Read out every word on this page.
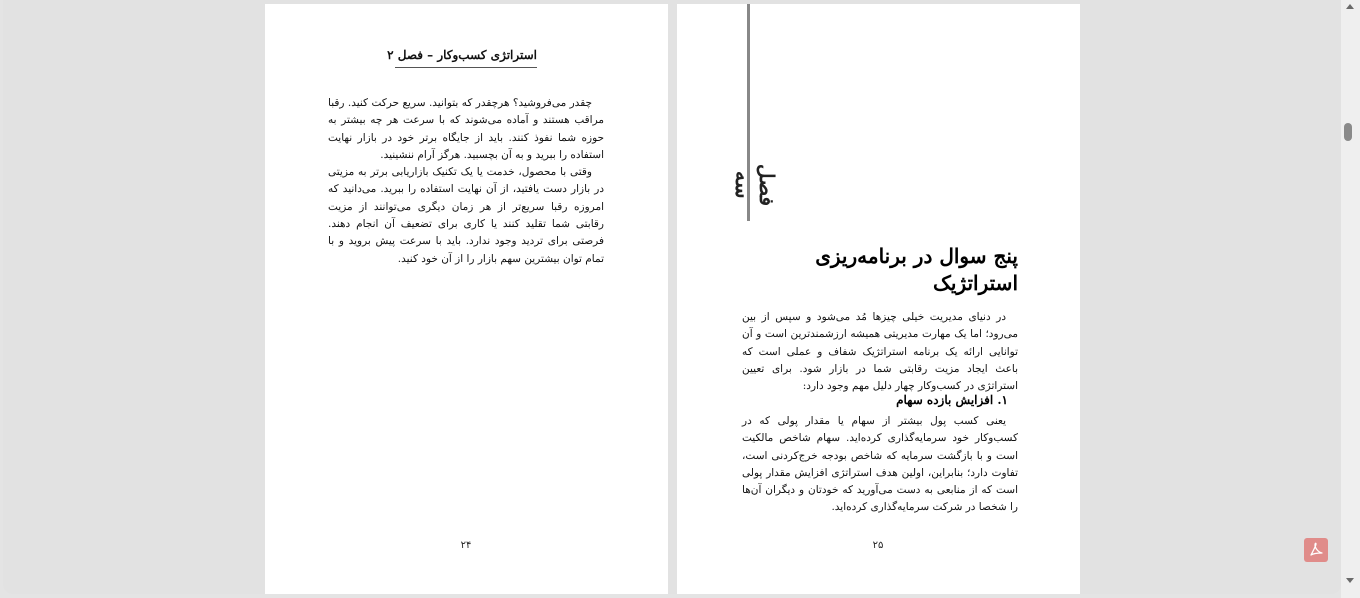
استراتژی کسب‌وکار – فصل ۲

چقدر می‌فروشید؟ هرچقدر که بتوانید. سریع حرکت کنید. رقبا مراقب هستند و آماده می‌شوند که با سرعت هر چه بیشتر به حوزه شما نفوذ کنند. باید از جایگاه برتر خود در بازار نهایت استفاده را ببرید و به آن بچسبید. هرگز آرام ننشینید.

وقتی با محصول، خدمت یا یک تکنیک بازاریابی برتر به مزیتی در بازار دست یافتید، از آن نهایت استفاده را ببرید. می‌دانید که امروزه رقبا سریع‌تر از هر زمان دیگری می‌توانند از مزیت رقابتی شما تقلید کنند یا کاری برای تضعیف آن انجام دهند. فرصتی برای تردید وجود ندارد. باید با سرعت پیش بروید و با تمام توان بیشترین سهم بازار را از آن خود کنید.

۲۴
فصل سه
پنج سوال در برنامه‌ریزی استراتژیک

در دنیای مدیریت خیلی چیزها مُد می‌شود و سپس از بین می‌رود؛ اما یک مهارت مدیریتی همیشه ارزشمندترین است و آن توانایی ارائه یک برنامه استراتژیک شفاف و عملی است که باعث ایجاد مزیت رقابتی شما در بازار شود. برای تعیین استراتژی در کسب‌وکار چهار دلیل مهم وجود دارد:

۱. افزایش بازده سهام

یعنی کسب پول بیشتر از سهام یا مقدار پولی که در کسب‌وکار خود سرمایه‌گذاری کرده‌اید. سهام شاخص مالکیت است و با بازگشت سرمایه که شاخص بودجه خرج‌کردنی است، تفاوت دارد؛ بنابراین، اولین هدف استراتژی افزایش مقدار پولی است که از منابعی به دست می‌آورید که خودتان و دیگران آن‌ها را شخصا در شرکت سرمایه‌گذاری کرده‌اید.

۲۵
